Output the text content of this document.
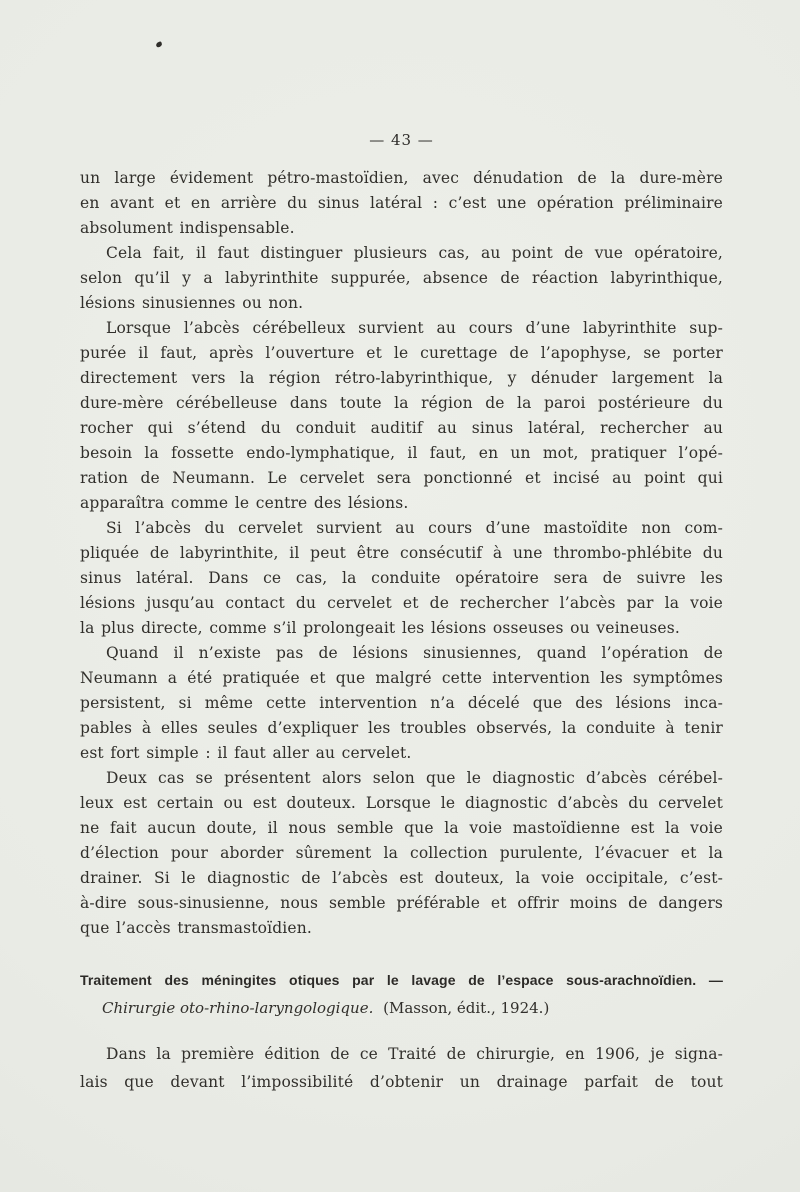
— 43 —

un large évidement pétro-mastoïdien, avec dénudation de la dure-mère
en avant et en arrière du sinus latéral : c’est une opération préliminaire
absolument indispensable.

Cela fait, il faut distinguer plusieurs cas, au point de vue opératoire,
selon qu’il y a labyrinthite suppurée, absence de réaction labyrinthique,
lésions sinusiennes ou non.

Lorsque l’abcès cérébelleux survient au cours d’une labyrinthite sup-
purée il faut, après l’ouverture et le curettage de l’apophyse, se porter
directement vers la région rétro-labyrinthique, y dénuder largement la
dure-mère cérébelleuse dans toute la région de la paroi postérieure du
rocher qui s’étend du conduit auditif au sinus latéral, rechercher au
besoin la fossette endo-lymphatique, il faut, en un mot, pratiquer l’opé-
ration de Neumann. Le cervelet sera ponctionné et incisé au point qui
apparaîtra comme le centre des lésions.

Si l’abcès du cervelet survient au cours d’une mastoïdite non com-
pliquée de labyrinthite, il peut être consécutif à une thrombo-phlébite du
sinus latéral. Dans ce cas, la conduite opératoire sera de suivre les
lésions jusqu’au contact du cervelet et de rechercher l’abcès par la voie
la plus directe, comme s’il prolongeait les lésions osseuses ou veineuses.

Quand il n’existe pas de lésions sinusiennes, quand l’opération de
Neumann a été pratiquée et que malgré cette intervention les symptômes
persistent, si même cette intervention n’a décelé que des lésions inca-
pables à elles seules d’expliquer les troubles observés, la conduite à tenir
est fort simple : il faut aller au cervelet.

Deux cas se présentent alors selon que le diagnostic d’abcès cérébel-
leux est certain ou est douteux. Lorsque le diagnostic d’abcès du cervelet
ne fait aucun doute, il nous semble que la voie mastoïdienne est la voie
d’élection pour aborder sûrement la collection purulente, l’évacuer et la
drainer. Si le diagnostic de l’abcès est douteux, la voie occipitale, c’est-
à-dire sous-sinusienne, nous semble préférable et offrir moins de dangers
que l’accès transmastoïdien.

Traitement des méningites otiques par le lavage de l’espace sous-arachnoïdien. —
Chirurgie oto-rhino-laryngologique. (Masson, édit., 1924.)

Dans la première édition de ce Traité de chirurgie, en 1906, je signa-
lais que devant l’impossibilité d’obtenir un drainage parfait de tout
